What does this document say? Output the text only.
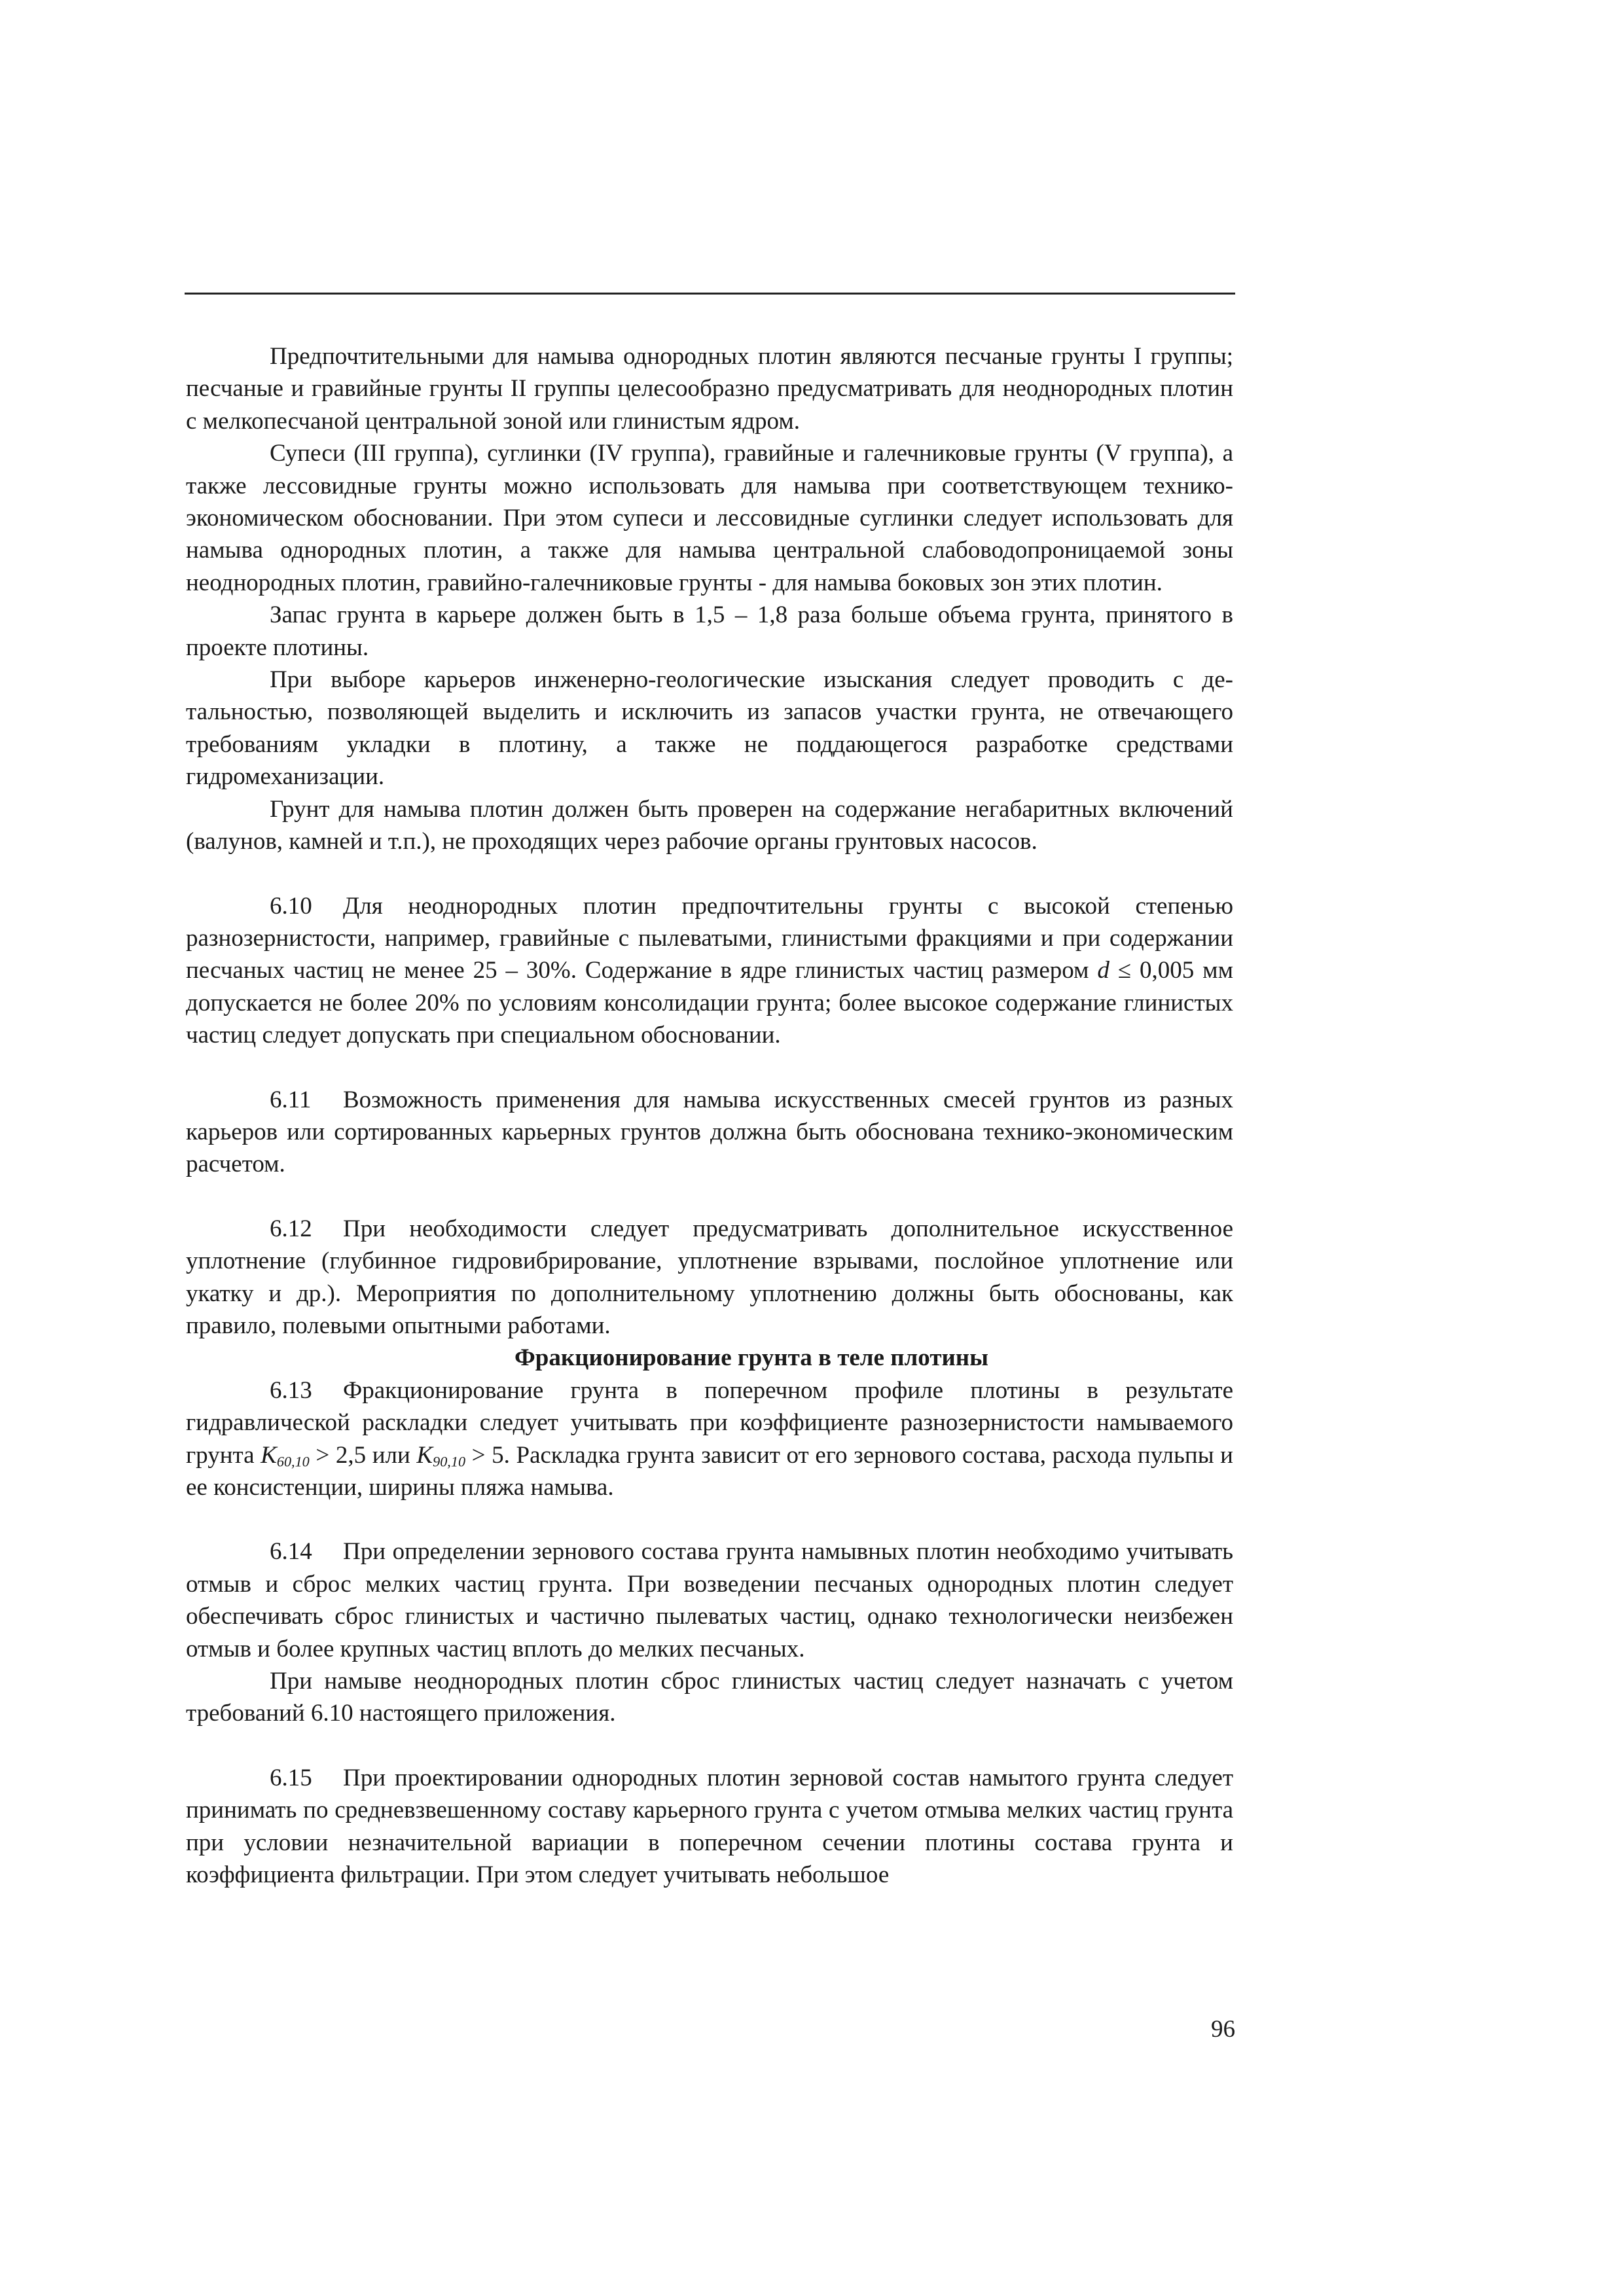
Предпочтительными для намыва однородных плотин являются песчаные грунты I группы; песчаные и гравийные грунты II группы целесообразно предусматривать для неоднородных плотин с мелкопесчаной центральной зоной или глинистым ядром.

Супеси (III группа), суглинки (IV группа), гравийные и галечниковые грунты (V группа), а также лессовидные грунты можно использовать для намыва при соответствующем технико-экономическом обосновании. При этом супеси и лессовидные суглинки следует использовать для намыва однородных плотин, а также для намыва центральной слабоводопроницаемой зоны неоднородных плотин, гравийно-галечниковые грунты - для намыва боковых зон этих плотин.

Запас грунта в карьере должен быть в 1,5 – 1,8 раза больше объема грунта, принятого в проекте плотины.

При выборе карьеров инженерно-геологические изыскания следует проводить с детальностью, позволяющей выделить и исключить из запасов участки грунта, не отвечающего требованиям укладки в плотину, а также не поддающегося разработке средствами гидромеханизации.

Грунт для намыва плотин должен быть проверен на содержание негабаритных включений (валунов, камней и т.п.), не проходящих через рабочие органы грунтовых насосов.

6.10 Для неоднородных плотин предпочтительны грунты с высокой степенью разнозернистости, например, гравийные с пылеватыми, глинистыми фракциями и при содержании песчаных частиц не менее 25 – 30%. Содержание в ядре глинистых частиц размером d ≤ 0,005 мм допускается не более 20% по условиям консолидации грунта; более высокое содержание глинистых частиц следует допускать при специальном обосновании.

6.11 Возможность применения для намыва искусственных смесей грунтов из разных карьеров или сортированных карьерных грунтов должна быть обоснована технико-экономическим расчетом.

6.12 При необходимости следует предусматривать дополнительное искусственное уплотнение (глубинное гидровибрирование, уплотнение взрывами, послойное уплотнение или укатку и др.). Мероприятия по дополнительному уплотнению должны быть обоснованы, как правило, полевыми опытными работами.

Фракционирование грунта в теле плотины

6.13 Фракционирование грунта в поперечном профиле плотины в результате гидравлической раскладки следует учитывать при коэффициенте разнозернистости намываемого грунта $K_{60,10} > 2,5$ или $K_{90,10} > 5$. Раскладка грунта зависит от его зернового состава, расхода пульпы и ее консистенции, ширины пляжа намыва.

6.14 При определении зернового состава грунта намывных плотин необходимо учитывать отмыв и сброс мелких частиц грунта. При возведении песчаных однородных плотин следует обеспечивать сброс глинистых и частично пылеватых частиц, однако технологически неизбежен отмыв и более крупных частиц вплоть до мелких песчаных.

При намыве неоднородных плотин сброс глинистых частиц следует назначать с учетом требований 6.10 настоящего приложения.

6.15 При проектировании однородных плотин зерновой состав намытого грунта следует принимать по средневзвешенному составу карьерного грунта с учетом отмыва мелких частиц грунта при условии незначительной вариации в поперечном сечении плотины состава грунта и коэффициента фильтрации. При этом следует учитывать небольшое

96
